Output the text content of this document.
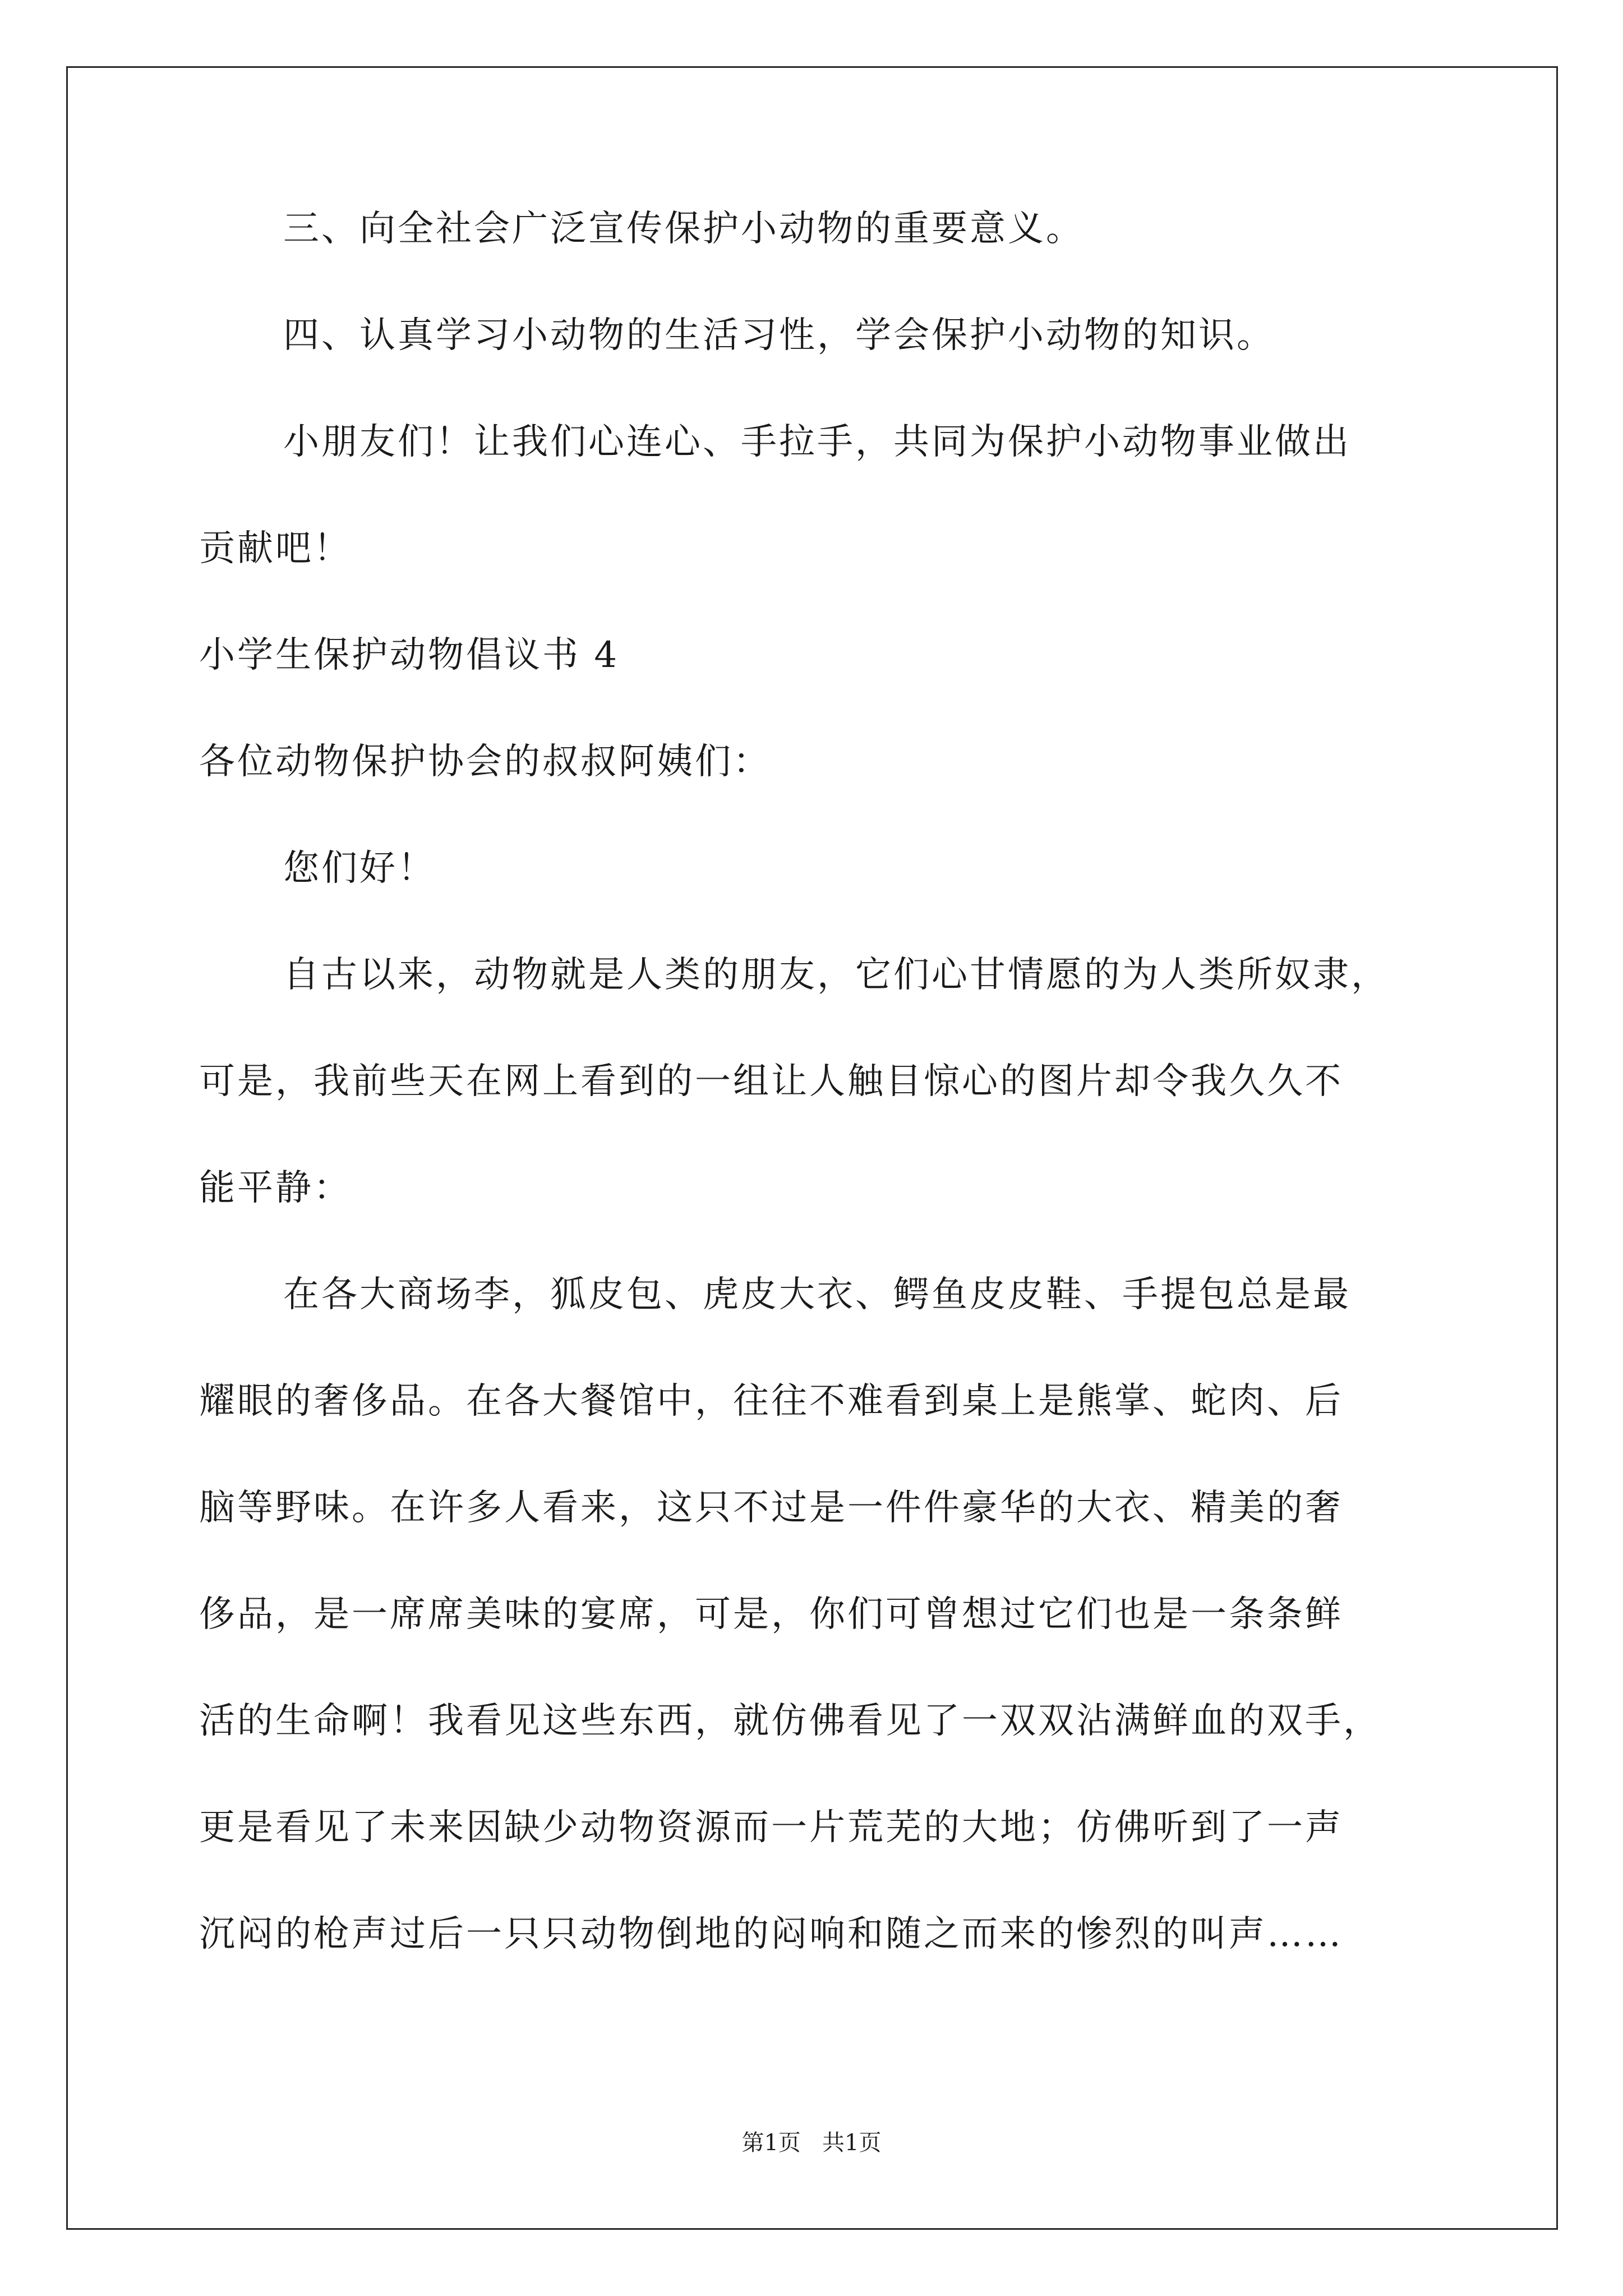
三、向全社会广泛宣传保护小动物的重要意义。
四、认真学习小动物的生活习性，学会保护小动物的知识。
小朋友们！让我们心连心、手拉手，共同为保护小动物事业做出
贡献吧！
小学生保护动物倡议书 4
各位动物保护协会的叔叔阿姨们：
您们好！
自古以来，动物就是人类的朋友，它们心甘情愿的为人类所奴隶，
可是，我前些天在网上看到的一组让人触目惊心的图片却令我久久不
能平静：
在各大商场李，狐皮包、虎皮大衣、鳄鱼皮皮鞋、手提包总是最
耀眼的奢侈品。在各大餐馆中，往往不难看到桌上是熊掌、蛇肉、后
脑等野味。在许多人看来，这只不过是一件件豪华的大衣、精美的奢
侈品，是一席席美味的宴席，可是，你们可曾想过它们也是一条条鲜
活的生命啊！我看见这些东西，就仿佛看见了一双双沾满鲜血的双手，
更是看见了未来因缺少动物资源而一片荒芜的大地；仿佛听到了一声
沉闷的枪声过后一只只动物倒地的闷响和随之而来的惨烈的叫声……
第1页   共1页
